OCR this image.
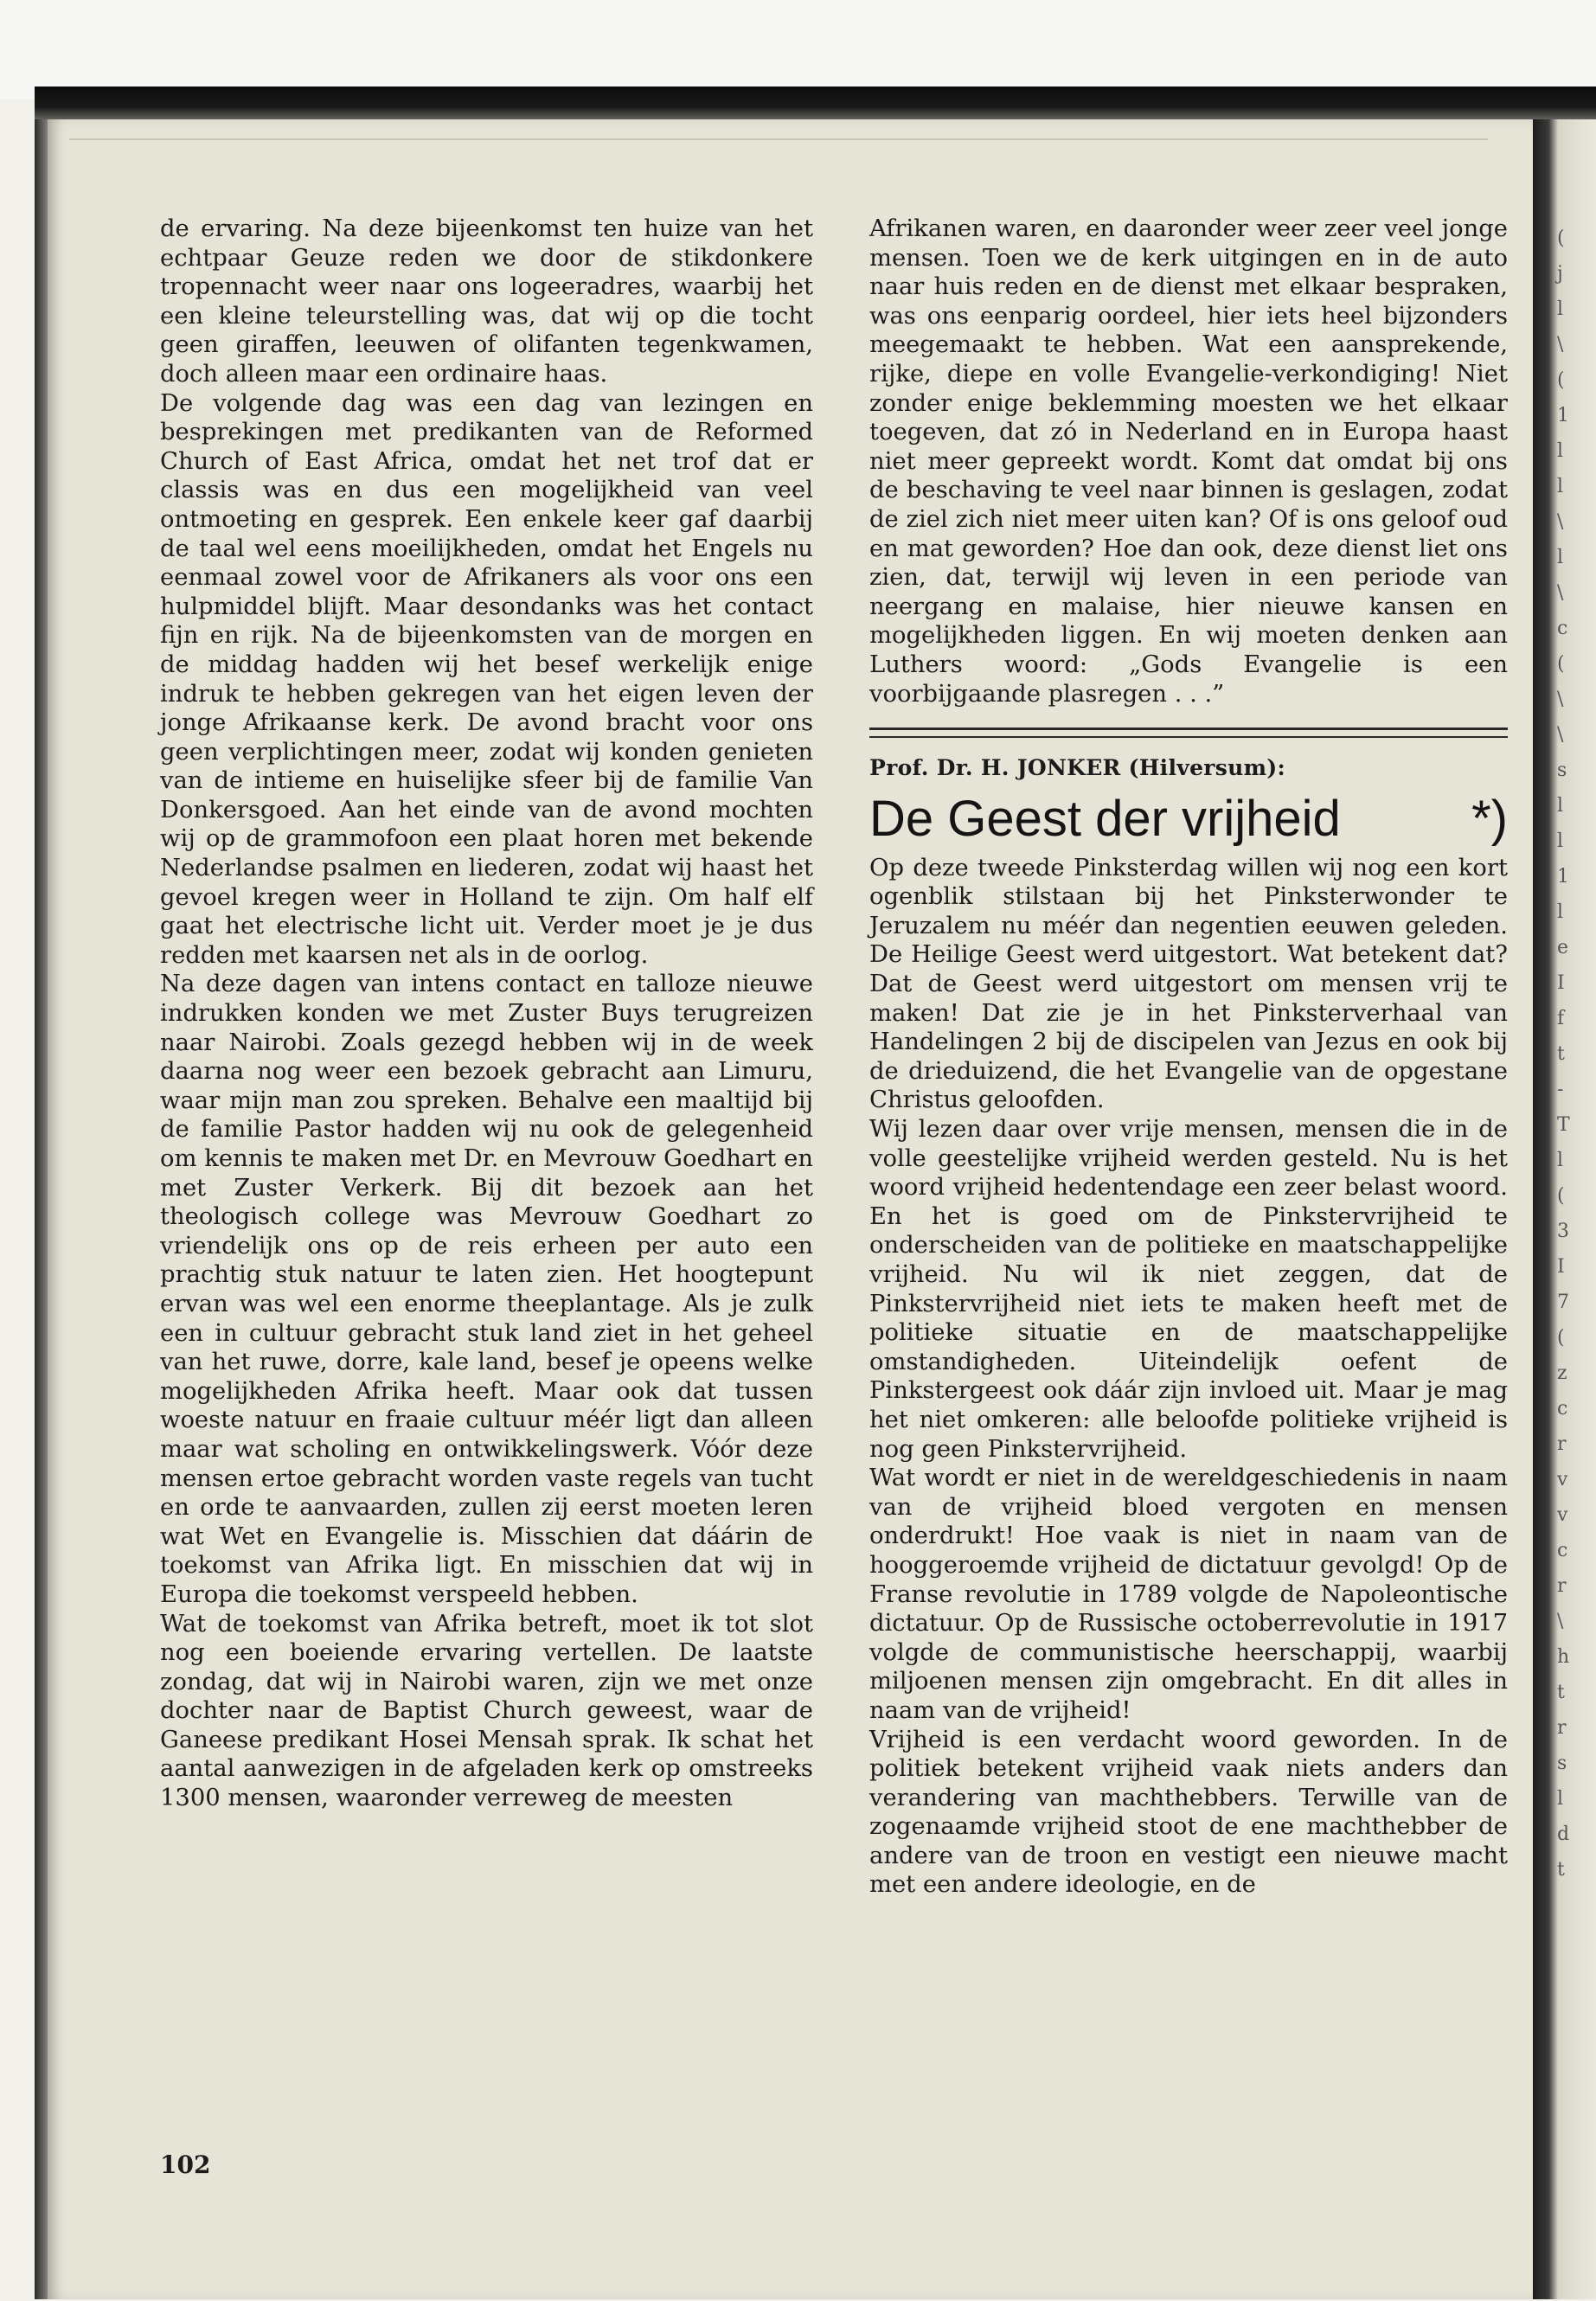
de ervaring. Na deze bijeenkomst ten huize van het echtpaar Geuze reden we door de stikdonkere tropennacht weer naar ons logeeradres, waarbij het een kleine teleurstelling was, dat wij op die tocht geen giraffen, leeuwen of olifanten tegenkwamen, doch alleen maar een ordinaire haas.

De volgende dag was een dag van lezingen en besprekingen met predikanten van de Reformed Church of East Africa, omdat het net trof dat er classis was en dus een mogelijkheid van veel ontmoeting en gesprek. Een enkele keer gaf daarbij de taal wel eens moeilijkheden, omdat het Engels nu eenmaal zowel voor de Afrikaners als voor ons een hulpmiddel blijft. Maar desondanks was het contact fijn en rijk. Na de bijeenkomsten van de morgen en de middag hadden wij het besef werkelijk enige indruk te hebben gekregen van het eigen leven der jonge Afrikaanse kerk. De avond bracht voor ons geen verplichtingen meer, zodat wij konden genieten van de intieme en huiselijke sfeer bij de familie Van Donkersgoed. Aan het einde van de avond mochten wij op de grammofoon een plaat horen met bekende Nederlandse psalmen en liederen, zodat wij haast het gevoel kregen weer in Holland te zijn. Om half elf gaat het electrische licht uit. Verder moet je je dus redden met kaarsen net als in de oorlog.

Na deze dagen van intens contact en talloze nieuwe indrukken konden we met Zuster Buys terugreizen naar Nairobi. Zoals gezegd hebben wij in de week daarna nog weer een bezoek gebracht aan Limuru, waar mijn man zou spreken. Behalve een maaltijd bij de familie Pastor hadden wij nu ook de gelegenheid om kennis te maken met Dr. en Mevrouw Goedhart en met Zuster Verkerk. Bij dit bezoek aan het theologisch college was Mevrouw Goedhart zo vriendelijk ons op de reis erheen per auto een prachtig stuk natuur te laten zien. Het hoogtepunt ervan was wel een enorme theeplantage. Als je zulk een in cultuur gebracht stuk land ziet in het geheel van het ruwe, dorre, kale land, besef je opeens welke mogelijkheden Afrika heeft. Maar ook dat tussen woeste natuur en fraaie cultuur méér ligt dan alleen maar wat scholing en ontwikkelingswerk. Vóór deze mensen ertoe gebracht worden vaste regels van tucht en orde te aanvaarden, zullen zij eerst moeten leren wat Wet en Evangelie is. Misschien dat dáárin de toekomst van Afrika ligt. En misschien dat wij in Europa die toekomst verspeeld hebben.

Wat de toekomst van Afrika betreft, moet ik tot slot nog een boeiende ervaring vertellen. De laatste zondag, dat wij in Nairobi waren, zijn we met onze dochter naar de Baptist Church geweest, waar de Ganeese predikant Hosei Mensah sprak. Ik schat het aantal aanwezigen in de afgeladen kerk op omstreeks 1300 mensen, waaronder verreweg de meesten

102

Afrikanen waren, en daaronder weer zeer veel jonge mensen. Toen we de kerk uitgingen en in de auto naar huis reden en de dienst met elkaar bespraken, was ons eenparig oordeel, hier iets heel bijzonders meegemaakt te hebben. Wat een aansprekende, rijke, diepe en volle Evangelie-verkondiging! Niet zonder enige beklemming moesten we het elkaar toegeven, dat zó in Nederland en in Europa haast niet meer gepreekt wordt. Komt dat omdat bij ons de beschaving te veel naar binnen is geslagen, zodat de ziel zich niet meer uiten kan? Of is ons geloof oud en mat geworden? Hoe dan ook, deze dienst liet ons zien, dat, terwijl wij leven in een periode van neergang en malaise, hier nieuwe kansen en mogelijkheden liggen. En wij moeten denken aan Luthers woord: „Gods Evangelie is een voorbijgaande plasregen . . .”

Prof. Dr. H. JONKER (Hilversum):
De Geest der vrijheid	*)

Op deze tweede Pinksterdag willen wij nog een kort ogenblik stilstaan bij het Pinksterwonder te Jeruzalem nu méér dan negentien eeuwen geleden. De Heilige Geest werd uitgestort. Wat betekent dat? Dat de Geest werd uitgestort om mensen vrij te maken! Dat zie je in het Pinksterverhaal van Handelingen 2 bij de discipelen van Jezus en ook bij de drieduizend, die het Evangelie van de opgestane Christus geloofden.

Wij lezen daar over vrije mensen, mensen die in de volle geestelijke vrijheid werden gesteld. Nu is het woord vrijheid hedentendage een zeer belast woord. En het is goed om de Pinkstervrijheid te onderscheiden van de politieke en maatschappelijke vrijheid. Nu wil ik niet zeggen, dat de Pinkstervrijheid niet iets te maken heeft met de politieke situatie en de maatschappelijke omstandigheden. Uiteindelijk oefent de Pinkstergeest ook dáár zijn invloed uit. Maar je mag het niet omkeren: alle beloofde politieke vrijheid is nog geen Pinkstervrijheid.

Wat wordt er niet in de wereldgeschiedenis in naam van de vrijheid bloed vergoten en mensen onderdrukt! Hoe vaak is niet in naam van de hooggeroemde vrijheid de dictatuur gevolgd! Op de Franse revolutie in 1789 volgde de Napoleontische dictatuur. Op de Russische octoberrevolutie in 1917 volgde de communistische heerschappij, waarbij miljoenen mensen zijn omgebracht. En dit alles in naam van de vrijheid!

Vrijheid is een verdacht woord geworden. In de politiek betekent vrijheid vaak niets anders dan verandering van machthebbers. Terwille van de zogenaamde vrijheid stoot de ene machthebber de andere van de troon en vestigt een nieuwe macht met een andere ideologie, en de

(
j
l
\
(
1
l
l
\
l
\
c
(
\
\
s
l
l
1
l
e
I
f
t
-
T
l
(
3
I
7
(
z
c
r
v
v
c
r
\
h
t
r
s
l
d
t
